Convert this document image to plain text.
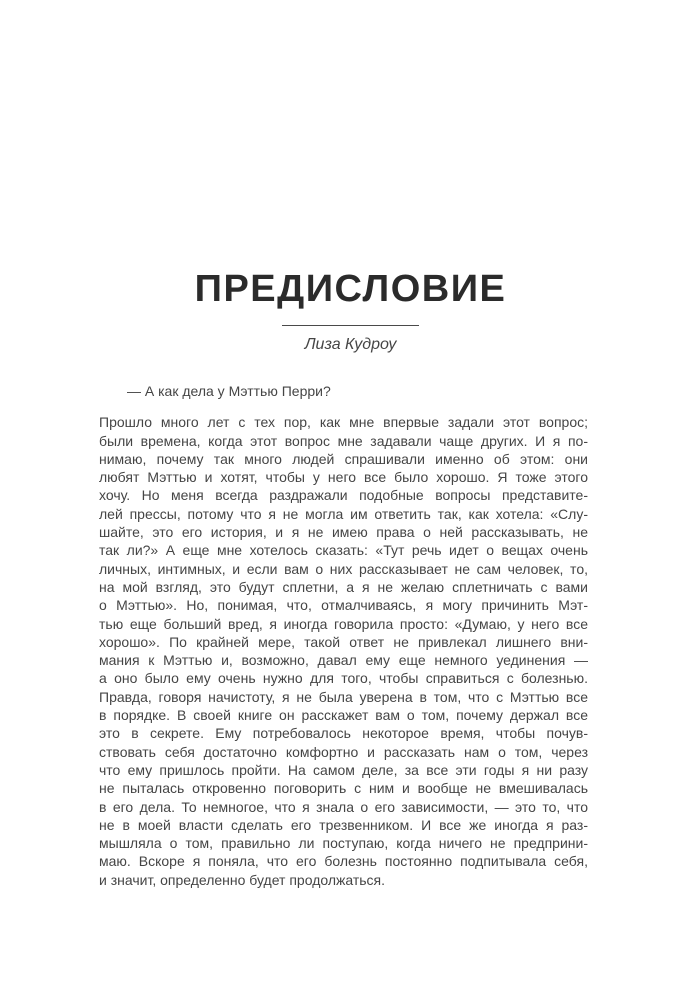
ПРЕДИСЛОВИЕ
Лиза Кудроу

— А как дела у Мэттью Перри?

Прошло много лет с тех пор, как мне впервые задали этот вопрос;
были времена, когда этот вопрос мне задавали чаще других. И я по-
нимаю, почему так много людей спрашивали именно об этом: они
любят Мэттью и хотят, чтобы у него все было хорошо. Я тоже этого
хочу. Но меня всегда раздражали подобные вопросы представите-
лей прессы, потому что я не могла им ответить так, как хотела: «Слу-
шайте, это его история, и я не имею права о ней рассказывать, не
так ли?» А еще мне хотелось сказать: «Тут речь идет о вещах очень
личных, интимных, и если вам о них рассказывает не сам человек, то,
на мой взгляд, это будут сплетни, а я не желаю сплетничать с вами
о Мэттью». Но, понимая, что, отмалчиваясь, я могу причинить Мэт-
тью еще больший вред, я иногда говорила просто: «Думаю, у него все
хорошо». По крайней мере, такой ответ не привлекал лишнего вни-
мания к Мэттью и, возможно, давал ему еще немного уединения —
а оно было ему очень нужно для того, чтобы справиться с болезнью.
Правда, говоря начистоту, я не была уверена в том, что с Мэттью все
в порядке. В своей книге он расскажет вам о том, почему держал все
это в секрете. Ему потребовалось некоторое время, чтобы почув-
ствовать себя достаточно комфортно и рассказать нам о том, через
что ему пришлось пройти. На самом деле, за все эти годы я ни разу
не пыталась откровенно поговорить с ним и вообще не вмешивалась
в его дела. То немногое, что я знала о его зависимости, — это то, что
не в моей власти сделать его трезвенником. И все же иногда я раз-
мышляла о том, правильно ли поступаю, когда ничего не предприни-
маю. Вскоре я поняла, что его болезнь постоянно подпитывала себя,
и значит, определенно будет продолжаться.
